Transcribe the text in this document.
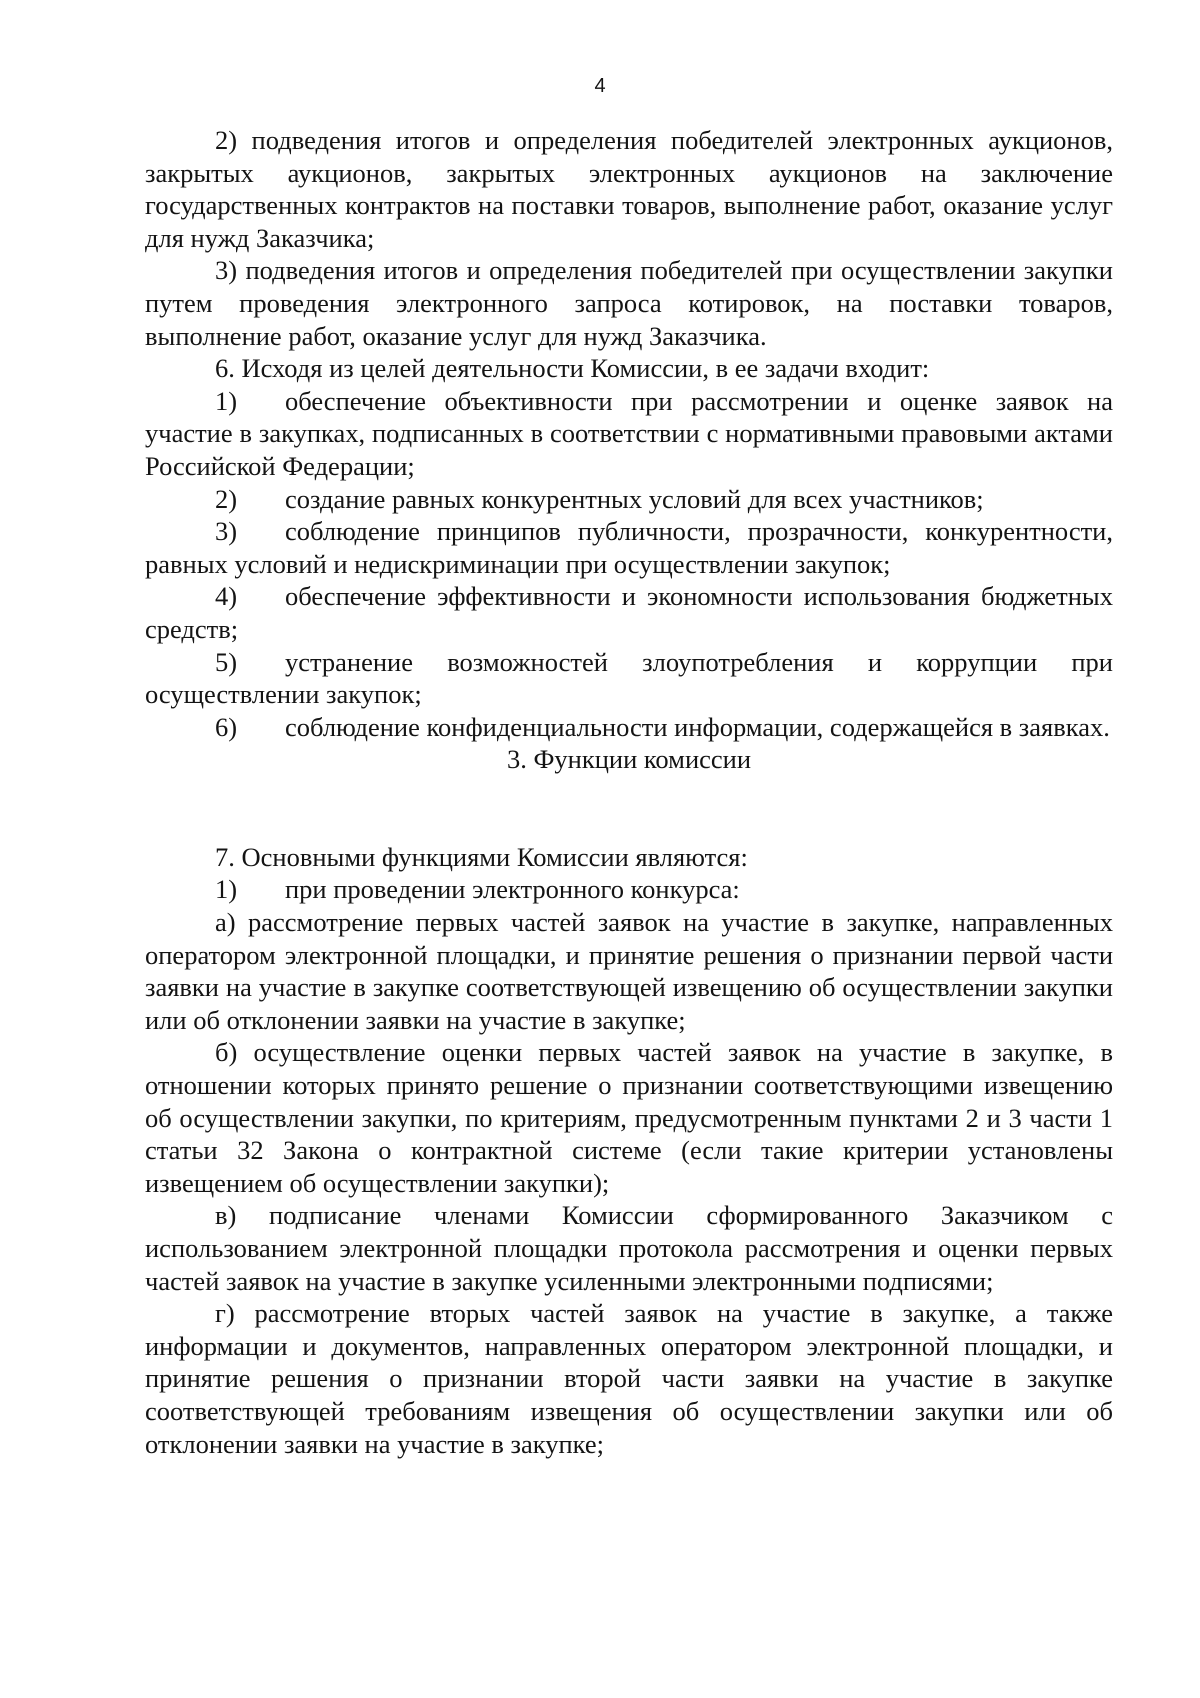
4

2) подведения итогов и определения победителей электронных аукционов, закрытых аукционов, закрытых электронных аукционов на заключение государственных контрактов на поставки товаров, выполнение работ, оказание услуг для нужд Заказчика;

3) подведения итогов и определения победителей при осуществлении закупки путем проведения электронного запроса котировок, на поставки товаров, выполнение работ, оказание услуг для нужд Заказчика.

6. Исходя из целей деятельности Комиссии, в ее задачи входит:

1) обеспечение объективности при рассмотрении и оценке заявок на участие в закупках, подписанных в соответствии с нормативными правовыми актами Российской Федерации;

2) создание равных конкурентных условий для всех участников;

3) соблюдение принципов публичности, прозрачности, конкурентности, равных условий и недискриминации при осуществлении закупок;

4) обеспечение эффективности и экономности использования бюджетных средств;

5) устранение возможностей злоупотребления и коррупции при осуществлении закупок;

6) соблюдение конфиденциальности информации, содержащейся в заявках.

3. Функции комиссии

7. Основными функциями Комиссии являются:

1) при проведении электронного конкурса:

а) рассмотрение первых частей заявок на участие в закупке, направленных оператором электронной площадки, и принятие решения о признании первой части заявки на участие в закупке соответствующей извещению об осуществлении закупки или об отклонении заявки на участие в закупке;

б) осуществление оценки первых частей заявок на участие в закупке, в отношении которых принято решение о признании соответствующими извещению об осуществлении закупки, по критериям, предусмотренным пунктами 2 и 3 части 1 статьи 32 Закона о контрактной системе (если такие критерии установлены извещением об осуществлении закупки);

в) подписание членами Комиссии сформированного Заказчиком с использованием электронной площадки протокола рассмотрения и оценки первых частей заявок на участие в закупке усиленными электронными подписями;

г) рассмотрение вторых частей заявок на участие в закупке, а также информации и документов, направленных оператором электронной площадки, и принятие решения о признании второй части заявки на участие в закупке соответствующей требованиям извещения об осуществлении закупки или об отклонении заявки на участие в закупке;
